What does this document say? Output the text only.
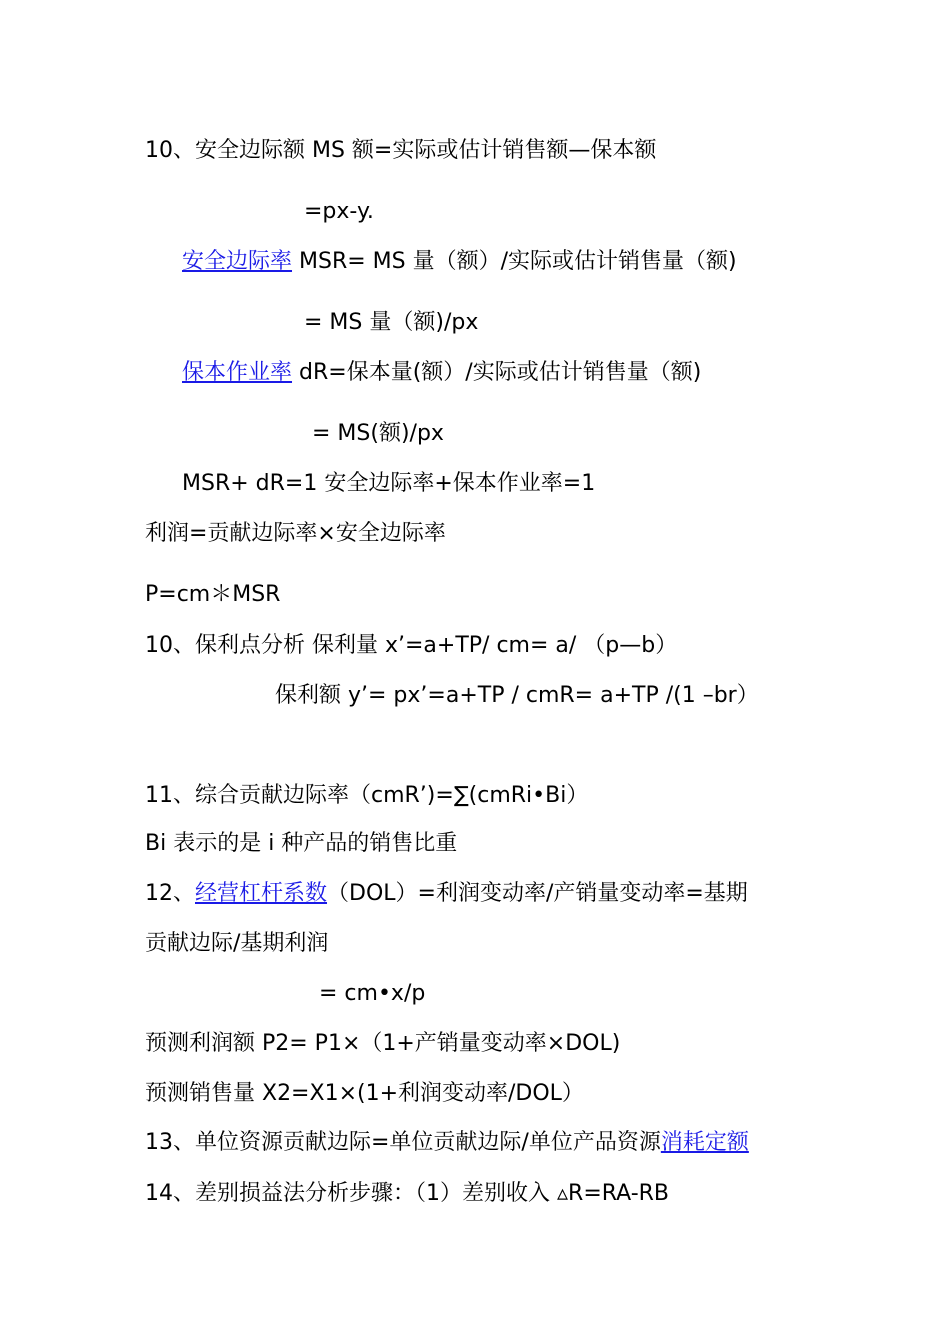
10、安全边际额 MS 额=实际或估计销售额—保本额
=px-y.
安全边际率 MSR= MS 量（额）/实际或估计销售量（额)
= MS 量（额)/px
保本作业率 dR=保本量(额）/实际或估计销售量（额)
= MS(额)/px
MSR+ dR=1 安全边际率+保本作业率=1
利润=贡献边际率×安全边际率
P=cm＊MSR
10、保利点分析 保利量 x’=a+TP/ cm= a/ （p—b）
保利额 y’= px’=a+TP / cmR= a+TP /(1 –br）
11、综合贡献边际率（cmR’)=∑(cmRi•Bi）
Bi 表示的是 i 种产品的销售比重
12、经营杠杆系数（DOL）=利润变动率/产销量变动率=基期
贡献边际/基期利润
= cm•x/p
预测利润额 P2= P1×（1+产销量变动率×DOL)
预测销售量 X2=X1×(1+利润变动率/DOL）
13、单位资源贡献边际=单位贡献边际/单位产品资源消耗定额
14、差别损益法分析步骤：（1）差别收入 ▵R=RA-RB
